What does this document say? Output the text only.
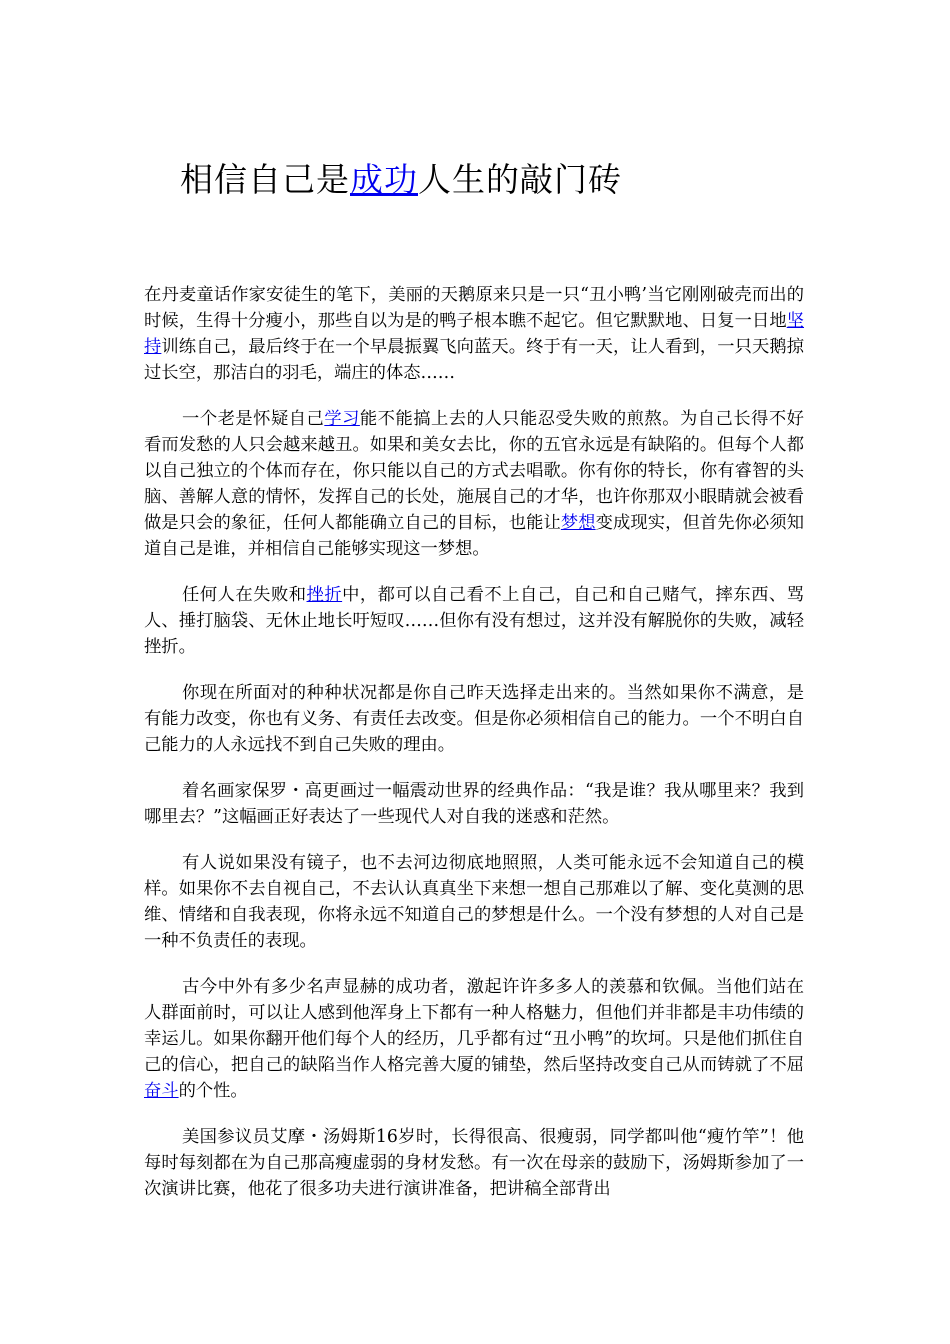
相信自己是成功人生的敲门砖

在丹麦童话作家安徒生的笔下，美丽的天鹅原来只是一只“丑小鸭’当它刚刚破壳而出的时候，生得十分瘦小，那些自以为是的鸭子根本瞧不起它。但它默默地、日复一日地坚持训练自己，最后终于在一个早晨振翼飞向蓝天。终于有一天，让人看到，一只天鹅掠过长空，那洁白的羽毛，端庄的体态……

一个老是怀疑自己学习能不能搞上去的人只能忍受失败的煎熬。为自己长得不好看而发愁的人只会越来越丑。如果和美女去比，你的五官永远是有缺陷的。但每个人都以自己独立的个体而存在，你只能以自己的方式去唱歌。你有你的特长，你有睿智的头脑、善解人意的情怀，发挥自己的长处，施展自己的才华，也许你那双小眼睛就会被看做是只会的象征，任何人都能确立自己的目标，也能让梦想变成现实，但首先你必须知道自己是谁，并相信自己能够实现这一梦想。

任何人在失败和挫折中，都可以自己看不上自己，自己和自己赌气，摔东西、骂人、捶打脑袋、无休止地长吁短叹……但你有没有想过，这并没有解脱你的失败，减轻挫折。

你现在所面对的种种状况都是你自己昨天选择走出来的。当然如果你不满意，是有能力改变，你也有义务、有责任去改变。但是你必须相信自己的能力。一个不明白自己能力的人永远找不到自己失败的理由。

着名画家保罗・高更画过一幅震动世界的经典作品：“我是谁？我从哪里来？我到哪里去？”这幅画正好表达了一些现代人对自我的迷惑和茫然。

有人说如果没有镜子，也不去河边彻底地照照，人类可能永远不会知道自己的模样。如果你不去自视自己，不去认认真真坐下来想一想自己那难以了解、变化莫测的思维、情绪和自我表现，你将永远不知道自己的梦想是什么。一个没有梦想的人对自己是一种不负责任的表现。

古今中外有多少名声显赫的成功者，激起许许多多人的羡慕和钦佩。当他们站在人群面前时，可以让人感到他浑身上下都有一种人格魅力，但他们并非都是丰功伟绩的幸运儿。如果你翻开他们每个人的经历，几乎都有过“丑小鸭”的坎坷。只是他们抓住自己的信心，把自己的缺陷当作人格完善大厦的铺垫，然后坚持改变自己从而铸就了不屈奋斗的个性。

美国参议员艾摩・汤姆斯16岁时，长得很高、很瘦弱，同学都叫他“瘦竹竿”！他每时每刻都在为自己那高瘦虚弱的身材发愁。有一次在母亲的鼓励下，汤姆斯参加了一次演讲比赛，他花了很多功夫进行演讲准备，把讲稿全部背出
